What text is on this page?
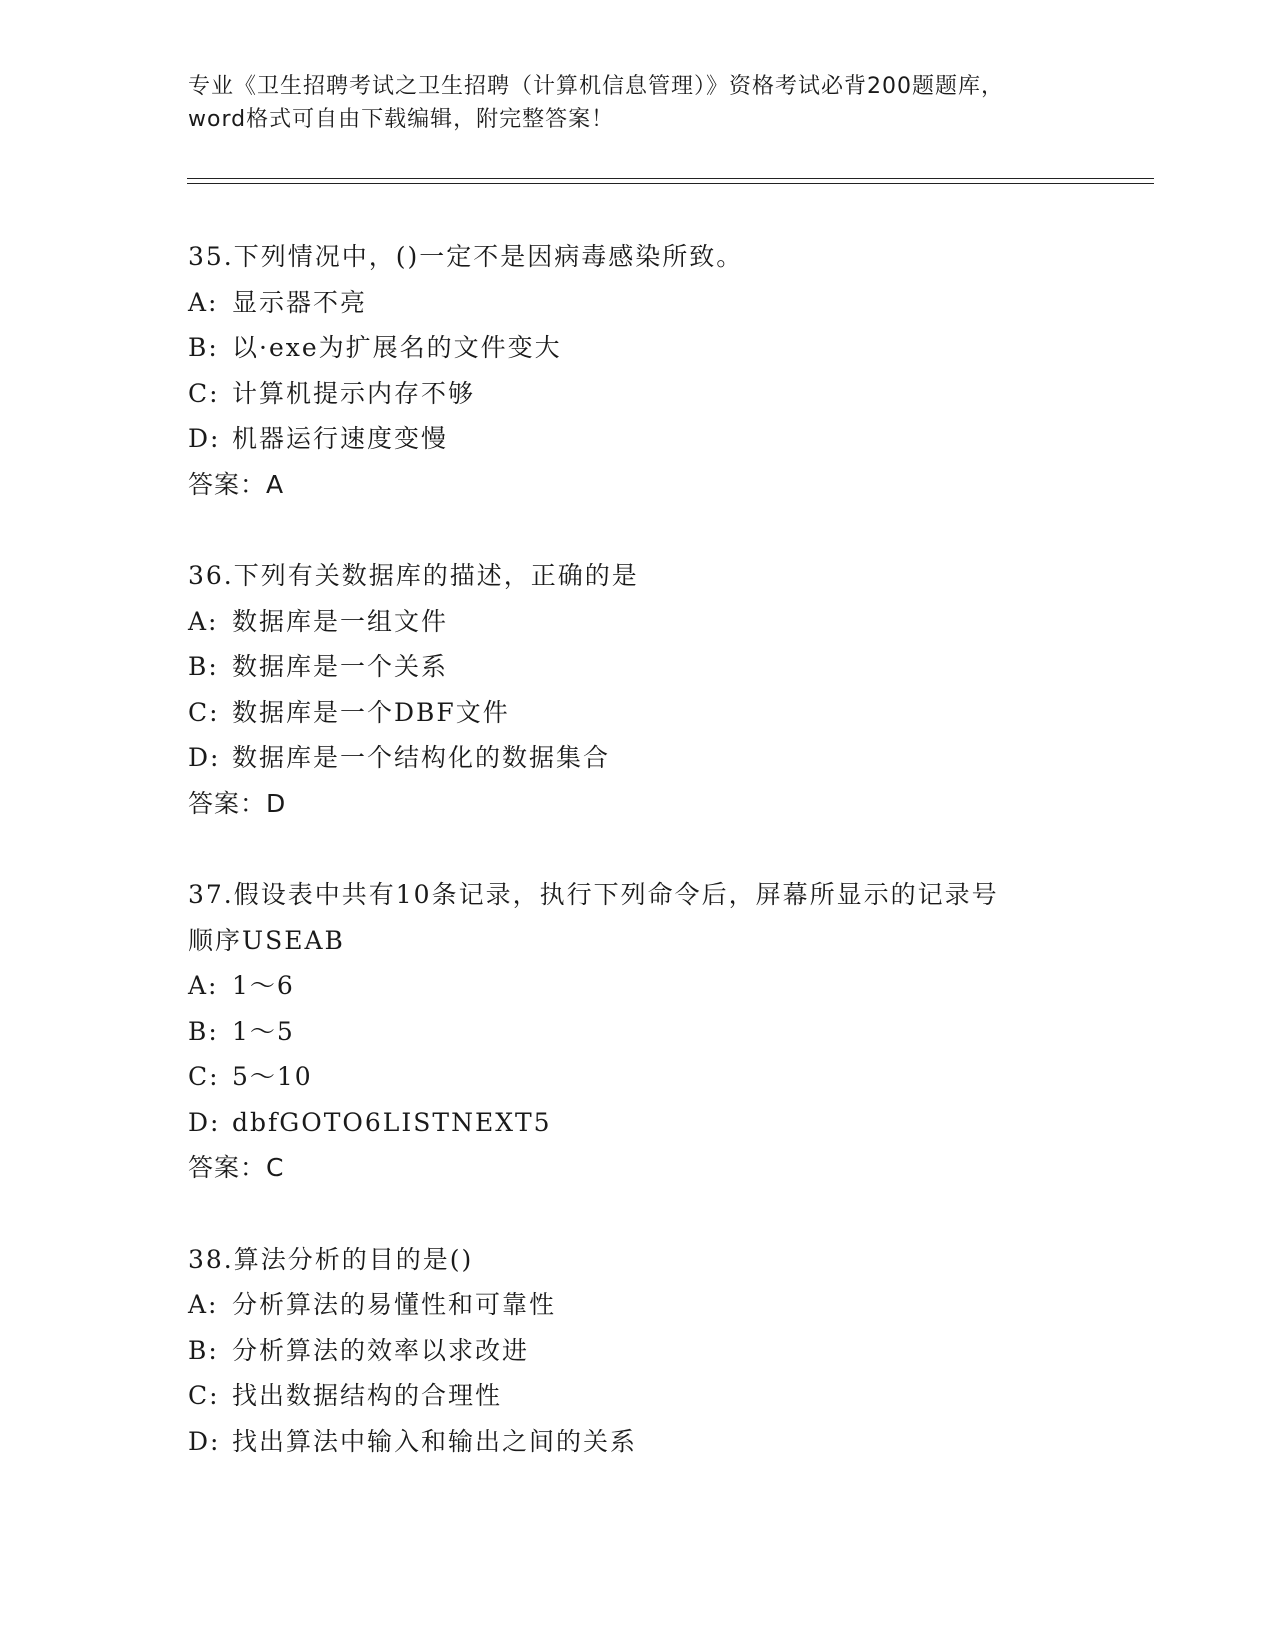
专业《卫生招聘考试之卫生招聘（计算机信息管理）》资格考试必背200题题库，
word格式可自由下载编辑，附完整答案！
35.下列情况中，()一定不是因病毒感染所致。
A: 显示器不亮
B: 以·exe为扩展名的文件变大
C: 计算机提示内存不够
D: 机器运行速度变慢
答案：A
36.下列有关数据库的描述，正确的是
A: 数据库是一组文件
B: 数据库是一个关系
C: 数据库是一个DBF文件
D: 数据库是一个结构化的数据集合
答案：D
37.假设表中共有10条记录，执行下列命令后，屏幕所显示的记录号
顺序USEAB
A: 1～6
B: 1～5
C: 5～10
D: dbfGOTO6LISTNEXT5
答案：C
38.算法分析的目的是()
A: 分析算法的易懂性和可靠性
B: 分析算法的效率以求改进
C: 找出数据结构的合理性
D: 找出算法中输入和输出之间的关系
